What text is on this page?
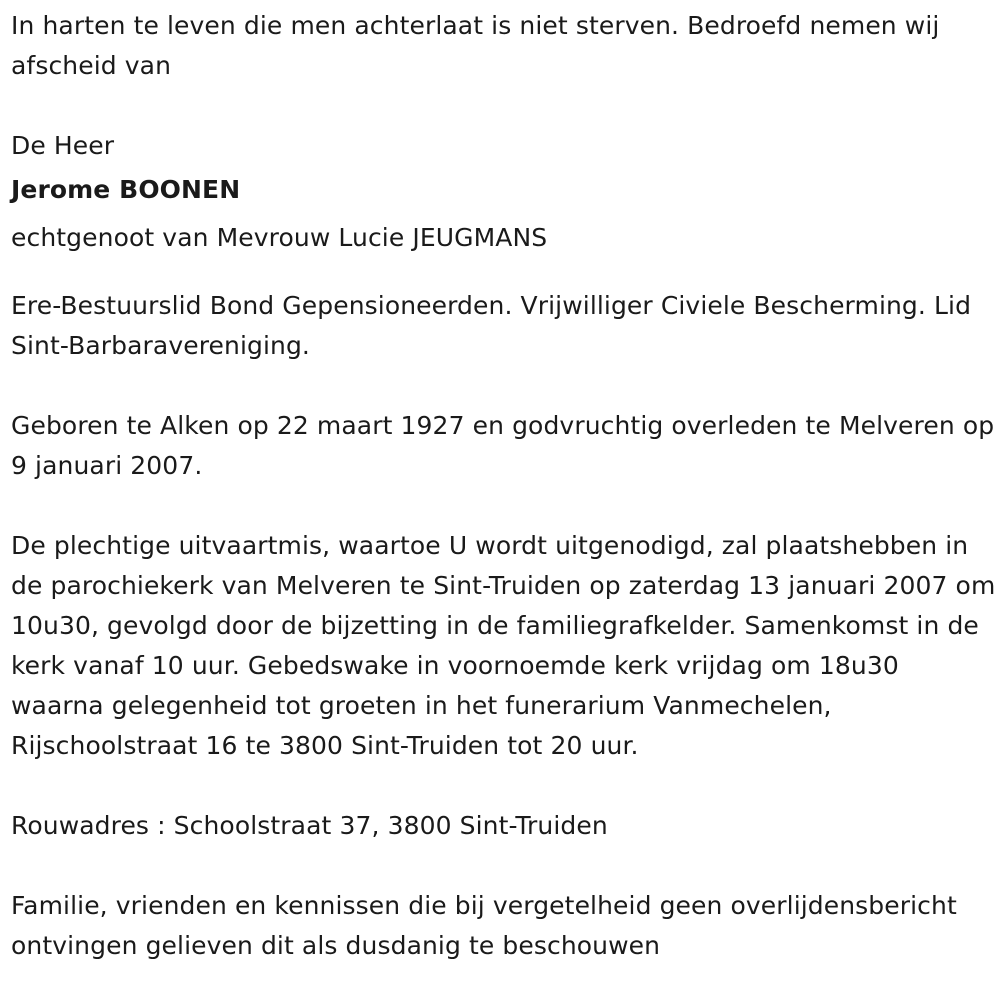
In harten te leven die men achterlaat is niet sterven. Bedroefd nemen wij afscheid van

De Heer
Jerome BOONEN
echtgenoot van Mevrouw Lucie JEUGMANS

Ere-Bestuurslid Bond Gepensioneerden. Vrijwilliger Civiele Bescherming. Lid Sint-Barbaravereniging.

Geboren te Alken op 22 maart 1927 en godvruchtig overleden te Melveren op 9 januari 2007.

De plechtige uitvaartmis, waartoe U wordt uitgenodigd, zal plaatshebben in de parochiekerk van Melveren te Sint-Truiden op zaterdag 13 januari 2007 om 10u30, gevolgd door de bijzetting in de familiegrafkelder. Samenkomst in de kerk vanaf 10 uur. Gebedswake in voornoemde kerk vrijdag om 18u30 waarna gelegenheid tot groeten in het funerarium Vanmechelen, Rijschoolstraat 16 te 3800 Sint-Truiden tot 20 uur.

Rouwadres : Schoolstraat 37, 3800 Sint-Truiden

Familie, vrienden en kennissen die bij vergetelheid geen overlijdensbericht ontvingen gelieven dit als dusdanig te beschouwen
